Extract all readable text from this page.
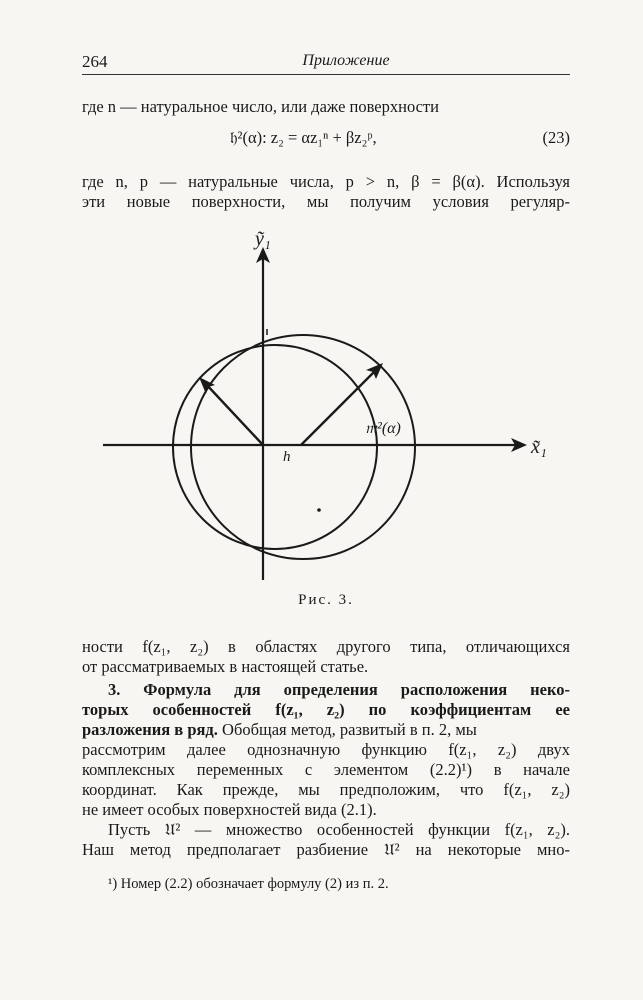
264	Приложение
где n — натуральное число, или даже поверхности
𝔥²(α): z₂ = αz₁ⁿ + βz₂ᵖ,	(23)
где n, p — натуральные числа, p > n, β = β(α). Используя
эти новые поверхности, мы получим условия регуляр-
ỹ₁
x̃₁
h
𝔪²(α)
Рис. 3.
ности f(z₁, z₂) в областях другого типа, отличающихся
от рассматриваемых в настоящей статье.
3. Формула для определения расположения неко-
торых особенностей f(z₁, z₂) по коэффициентам ее
разложения в ряд. Обобщая метод, развитый в п. 2, мы
рассмотрим далее однозначную функцию f(z₁, z₂) двух
комплексных переменных с элементом (2.2)¹) в начале
координат. Как прежде, мы предположим, что f(z₁, z₂)
не имеет особых поверхностей вида (2.1).
Пусть 𝔘² — множество особенностей функции f(z₁, z₂).
Наш метод предполагает разбиение 𝔘² на некоторые мно-
¹) Номер (2.2) обозначает формулу (2) из п. 2.
